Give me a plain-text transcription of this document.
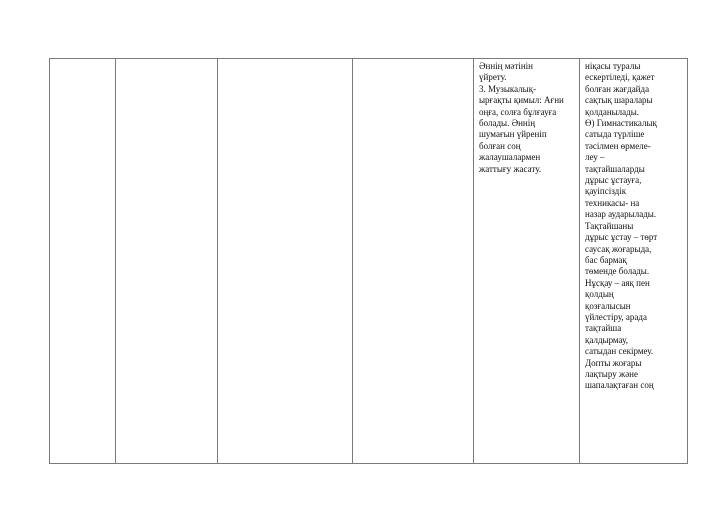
Әннің мәтінін
үйрету.
3. Музыкалық-
ырғақты қимыл: Ағни
оңға, солға бұлғауға
болады. Әннің
шумағын үйреніп
болған соң
жалаушалармен
жаттығу жасату.

ніқасы туралы
ескертіледі, қажет
болған жағдайда
сақтық шаралары
қолданылады.
Ө) Гимнастикалық
сатыда түрліше
тәсілмен өрмеле-
леу –
тақтайшаларды
дұрыс ұстауға,
қауіпсіздік
техникасы- на
назар аударылады.
Тақтайшаны
дұрыс ұстау – төрт
саусақ жоғарыда,
бас бармақ
төменде болады.
Нұсқау – аяқ пен
қолдың
қозғалысын
үйлестіру, арада
тақтайша
қалдырмау,
сатыдан секірмеу.
Допты жоғары
лақтыру және
шапалақтаған соң
